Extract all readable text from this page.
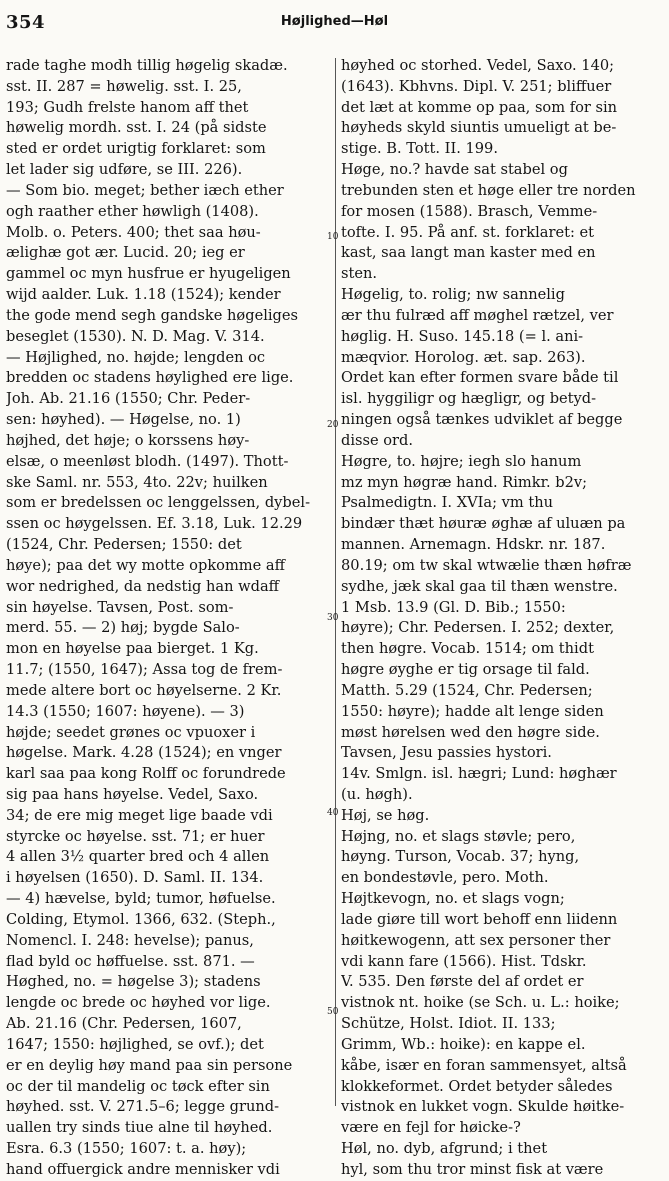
354	Højlighed—Høl
rade taghe modh tillig høgelig skadæ.
sst. II. 287 = høwelig. sst. I. 25,
193; Gudh frelste hanom aff thet
høwelig mordh. sst. I. 24 (på sidste
sted er ordet urigtig forklaret: som
let lader sig udføre, se III. 226).
— Som bio. meget; bether iæch ether
ogh raather ether høwligh (1408).
Molb. o. Peters. 400; thet saa høu-
ælighæ got ær. Lucid. 20; ieg er
gammel oc myn husfrue er hyugeligen
wijd aalder. Luk. 1.18 (1524); kender
the gode mend segh gandske høgeliges
beseglet (1530). N. D. Mag. V. 314.
— Højlighed, no. højde; lengden oc
bredden oc stadens høylighed ere lige.
Joh. Ab. 21.16 (1550; Chr. Peder-
sen: høyhed). — Høgelse, no. 1)
højhed, det høje; o korssens høy-
elsæ, o meenløst blodh. (1497). Thott-
ske Saml. nr. 553, 4to. 22v; huilken
som er bredelssen oc lenggelssen, dybel-
ssen oc høygelssen. Ef. 3.18, Luk. 12.29
(1524, Chr. Pedersen; 1550: det
høye); paa det wy motte opkomme aff
wor nedrighed, da nedstig han wdaff
sin høyelse. Tavsen, Post. som-
merd. 55. — 2) høj; bygde Salo-
mon en høyelse paa bierget. 1 Kg.
11.7; (1550, 1647); Assa tog de frem-
mede altere bort oc høyelserne. 2 Kr.
14.3 (1550; 1607: høyene). — 3)
højde; seedet grønes oc vpuoxer i
høgelse. Mark. 4.28 (1524); en vnger
karl saa paa kong Rolff oc forundrede
sig paa hans høyelse. Vedel, Saxo.
34; de ere mig meget lige baade vdi
styrcke oc høyelse. sst. 71; er huer
4 allen 3½ quarter bred och 4 allen
i høyelsen (1650). D. Saml. II. 134.
— 4) hævelse, byld; tumor, høfuelse.
Colding, Etymol. 1366, 632. (Steph.,
Nomencl. I. 248: hevelse); panus,
flad byld oc høffuelse. sst. 871. —
Høghed, no. = høgelse 3); stadens
lengde oc brede oc høyhed vor lige.
Ab. 21.16 (Chr. Pedersen, 1607,
1647; 1550: højlighed, se ovf.); det
er en deylig høy mand paa sin persone
oc der til mandelig oc tøck efter sin
høyhed. sst. V. 271.5–6; legge grund-
uallen try sinds tiue alne til høyhed.
Esra. 6.3 (1550; 1607: t. a. høy);
hand offuergick andre mennisker vdi
høyhed oc storhed. Vedel, Saxo. 140;
(1643). Kbhvns. Dipl. V. 251; bliffuer
det læt at komme op paa, som for sin
høyheds skyld siuntis umueligt at be-
stige. B. Tott. II. 199.
Høge, no.? havde sat stabel og
trebunden sten et høge eller tre norden
for mosen (1588). Brasch, Vemme-
tofte. I. 95. På anf. st. forklaret: et
kast, saa langt man kaster med en
sten.
Høgelig, to. rolig; nw sannelig
ær thu fulræd aff møghel rætzel, ver
høglig. H. Suso. 145.18 (= l. ani-
mæqvior. Horolog. æt. sap. 263).
Ordet kan efter formen svare både til
isl. hyggiligr og hægligr, og betyd-
ningen også tænkes udviklet af begge
disse ord.
Høgre, to. højre; iegh slo hanum
mz myn høgræ hand. Rimkr. b2v;
Psalmedigtn. I. XVIa; vm thu
bindær thæt høuræ øghæ af uluæn pa
mannen. Arnemagn. Hdskr. nr. 187.
80.19; om tw skal wtwælie thæn høfræ
sydhe, jæk skal gaa til thæn wenstre.
1 Msb. 13.9 (Gl. D. Bib.; 1550:
høyre); Chr. Pedersen. I. 252; dexter,
then høgre. Vocab. 1514; om thidt
høgre øyghe er tig orsage til fald.
Matth. 5.29 (1524, Chr. Pedersen;
1550: høyre); hadde alt lenge siden
møst hørelsen wed den høgre side.
Tavsen, Jesu passies hystori.
14v. Smlgn. isl. hægri; Lund: høghær
(u. høgh).
Høj, se høg.
Højng, no. et slags støvle; pero,
høyng. Turson, Vocab. 37; hyng,
en bondestøvle, pero. Moth.
Højtkevogn, no. et slags vogn;
lade giøre till wort behoff enn liidenn
høitkewogenn, att sex personer ther
vdi kann fare (1566). Hist. Tdskr.
V. 535. Den første del af ordet er
vistnok nt. hoike (se Sch. u. L.: hoike;
Schütze, Holst. Idiot. II. 133;
Grimm, Wb.: hoike): en kappe el.
kåbe, især en foran sammensyet, altså
klokkeformet. Ordet betyder således
vistnok en lukket vogn. Skulde høitke-
være en fejl for høicke-?
Høl, no. dyb, afgrund; i thet
hyl, som thu tror minst fisk at være
10
20
30
40
50
